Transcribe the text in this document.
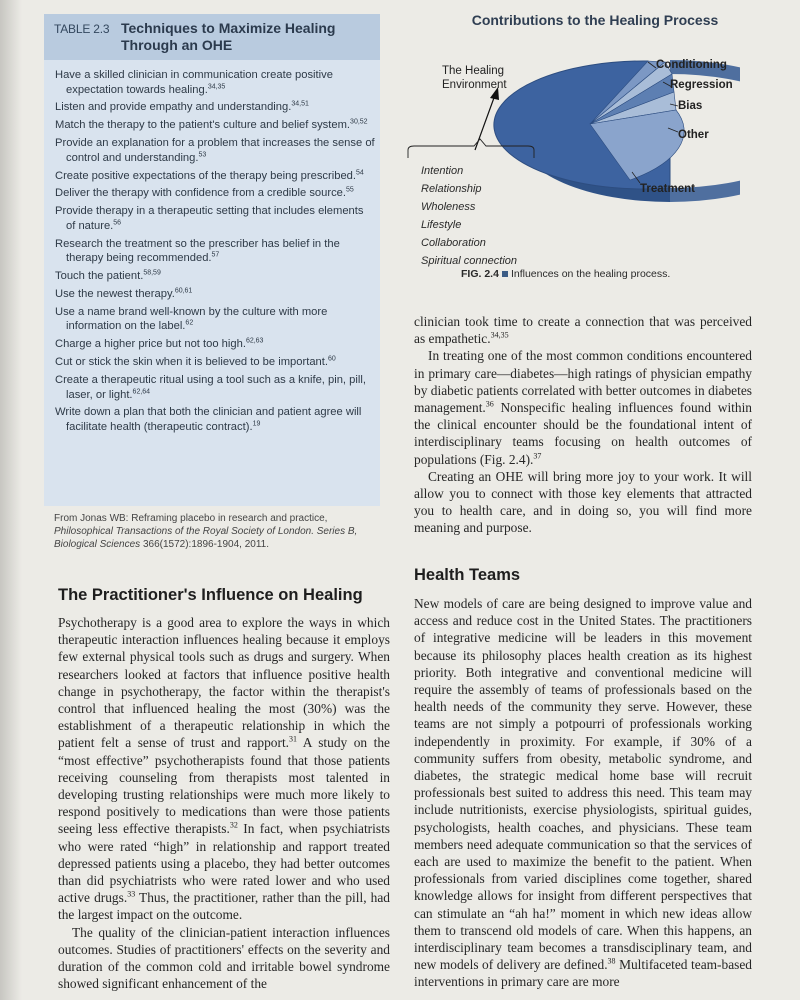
TABLE 2.3 Techniques to Maximize Healing Through an OHE
Have a skilled clinician in communication create positive expectation towards healing.$^{34,35}$
Listen and provide empathy and understanding.$^{34,51}$
Match the therapy to the patient's culture and belief system.$^{30,52}$
Provide an explanation for a problem that increases the sense of control and understanding.$^{53}$
Create positive expectations of the therapy being prescribed.$^{54}$
Deliver the therapy with confidence from a credible source.$^{55}$
Provide therapy in a therapeutic setting that includes elements of nature.$^{56}$
Research the treatment so the prescriber has belief in the therapy being recommended.$^{57}$
Touch the patient.$^{58,59}$
Use the newest therapy.$^{60,61}$
Use a name brand well-known by the culture with more information on the label.$^{62}$
Charge a higher price but not too high.$^{62,63}$
Cut or stick the skin when it is believed to be important.$^{60}$
Create a therapeutic ritual using a tool such as a knife, pin, pill, laser, or light.$^{62,64}$
Write down a plan that both the clinician and patient agree will facilitate health (therapeutic contract).$^{19}$
From Jonas WB: Reframing placebo in research and practice, Philosophical Transactions of the Royal Society of London. Series B, Biological Sciences 366(1572):1896-1904, 2011.
Contributions to the Healing Process
The Healing
Environment
Conditioning
Regression
Bias
Other
Treatment
Intention
Relationship
Wholeness
Lifestyle
Collaboration
Spiritual connection
FIG. 2.4 Influences on the healing process.

clinician took time to create a connection that was perceived as empathetic.$^{34,35}$

In treating one of the most common conditions encountered in primary care—diabetes—high ratings of physician empathy by diabetic patients correlated with better outcomes in diabetes management.$^{36}$ Nonspecific healing influences found within the clinical encounter should be the foundational intent of interdisciplinary teams focusing on health outcomes of populations (Fig. 2.4).$^{37}$

Creating an OHE will bring more joy to your work. It will allow you to connect with those key elements that attracted you to health care, and in doing so, you will find more meaning and purpose.

The Practitioner's Influence on Healing

Psychotherapy is a good area to explore the ways in which therapeutic interaction influences healing because it employs few external physical tools such as drugs and surgery. When researchers looked at factors that influence positive health change in psychotherapy, the factor within the therapist's control that influenced healing the most (30%) was the establishment of a therapeutic relationship in which the patient felt a sense of trust and rapport.$^{31}$ A study on the “most effective” psychotherapists found that those patients receiving counseling from therapists most talented in developing trusting relationships were much more likely to respond positively to medications than were those patients seeing less effective therapists.$^{32}$ In fact, when psychiatrists who were rated “high” in relationship and rapport treated depressed patients using a placebo, they had better outcomes than did psychiatrists who were rated lower and who used active drugs.$^{33}$ Thus, the practitioner, rather than the pill, had the largest impact on the outcome.

The quality of the clinician-patient interaction influences outcomes. Studies of practitioners' effects on the severity and duration of the common cold and irritable bowel syndrome showed significant enhancement of the

Health Teams

New models of care are being designed to improve value and access and reduce cost in the United States. The practitioners of integrative medicine will be leaders in this movement because its philosophy places health creation as its highest priority. Both integrative and conventional medicine will require the assembly of teams of professionals based on the health needs of the community they serve. However, these teams are not simply a potpourri of professionals working independently in proximity. For example, if 30% of a community suffers from obesity, metabolic syndrome, and diabetes, the strategic medical home base will recruit professionals best suited to address this need. This team may include nutritionists, exercise physiologists, spiritual guides, psychologists, health coaches, and physicians. These team members need adequate communication so that the services of each are used to maximize the benefit to the patient. When professionals from varied disciplines come together, shared knowledge allows for insight from different perspectives that can stimulate an “ah ha!” moment in which new ideas allow them to transcend old models of care. When this happens, an interdisciplinary team becomes a transdisciplinary team, and new models of delivery are defined.$^{38}$ Multifaceted team-based interventions in primary care are more
